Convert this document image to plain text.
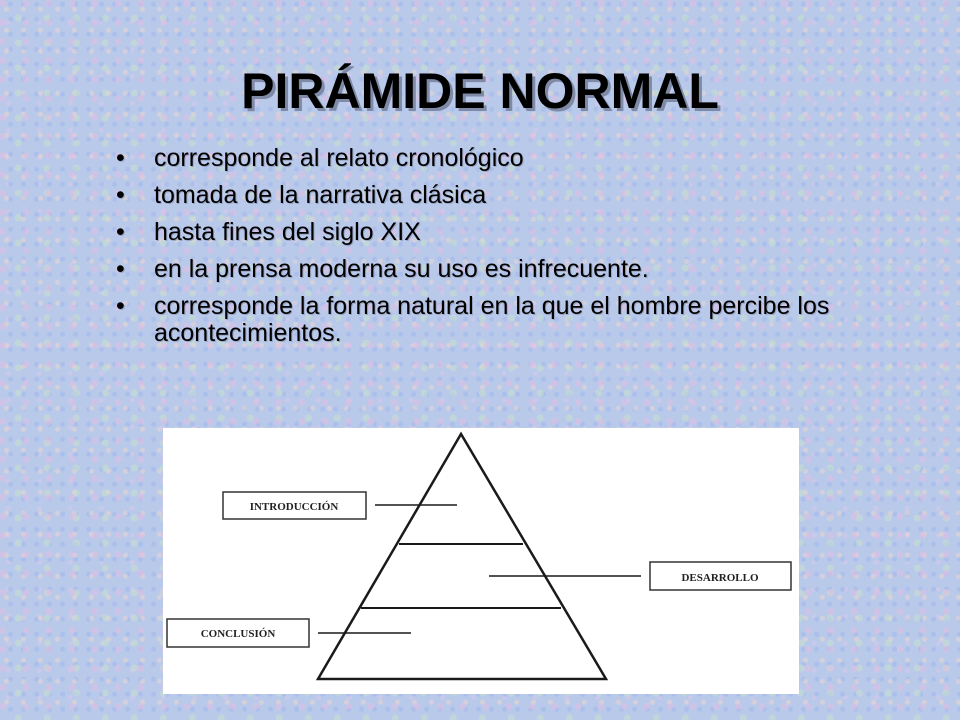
PIRÁMIDE NORMAL
• corresponde al relato cronológico
• tomada de la narrativa clásica
• hasta fines del siglo XIX
• en la prensa moderna su uso es infrecuente.
• corresponde la forma natural en la que el hombre percibe los acontecimientos.
INTRODUCCIÓN
DESARROLLO
CONCLUSIÓN
